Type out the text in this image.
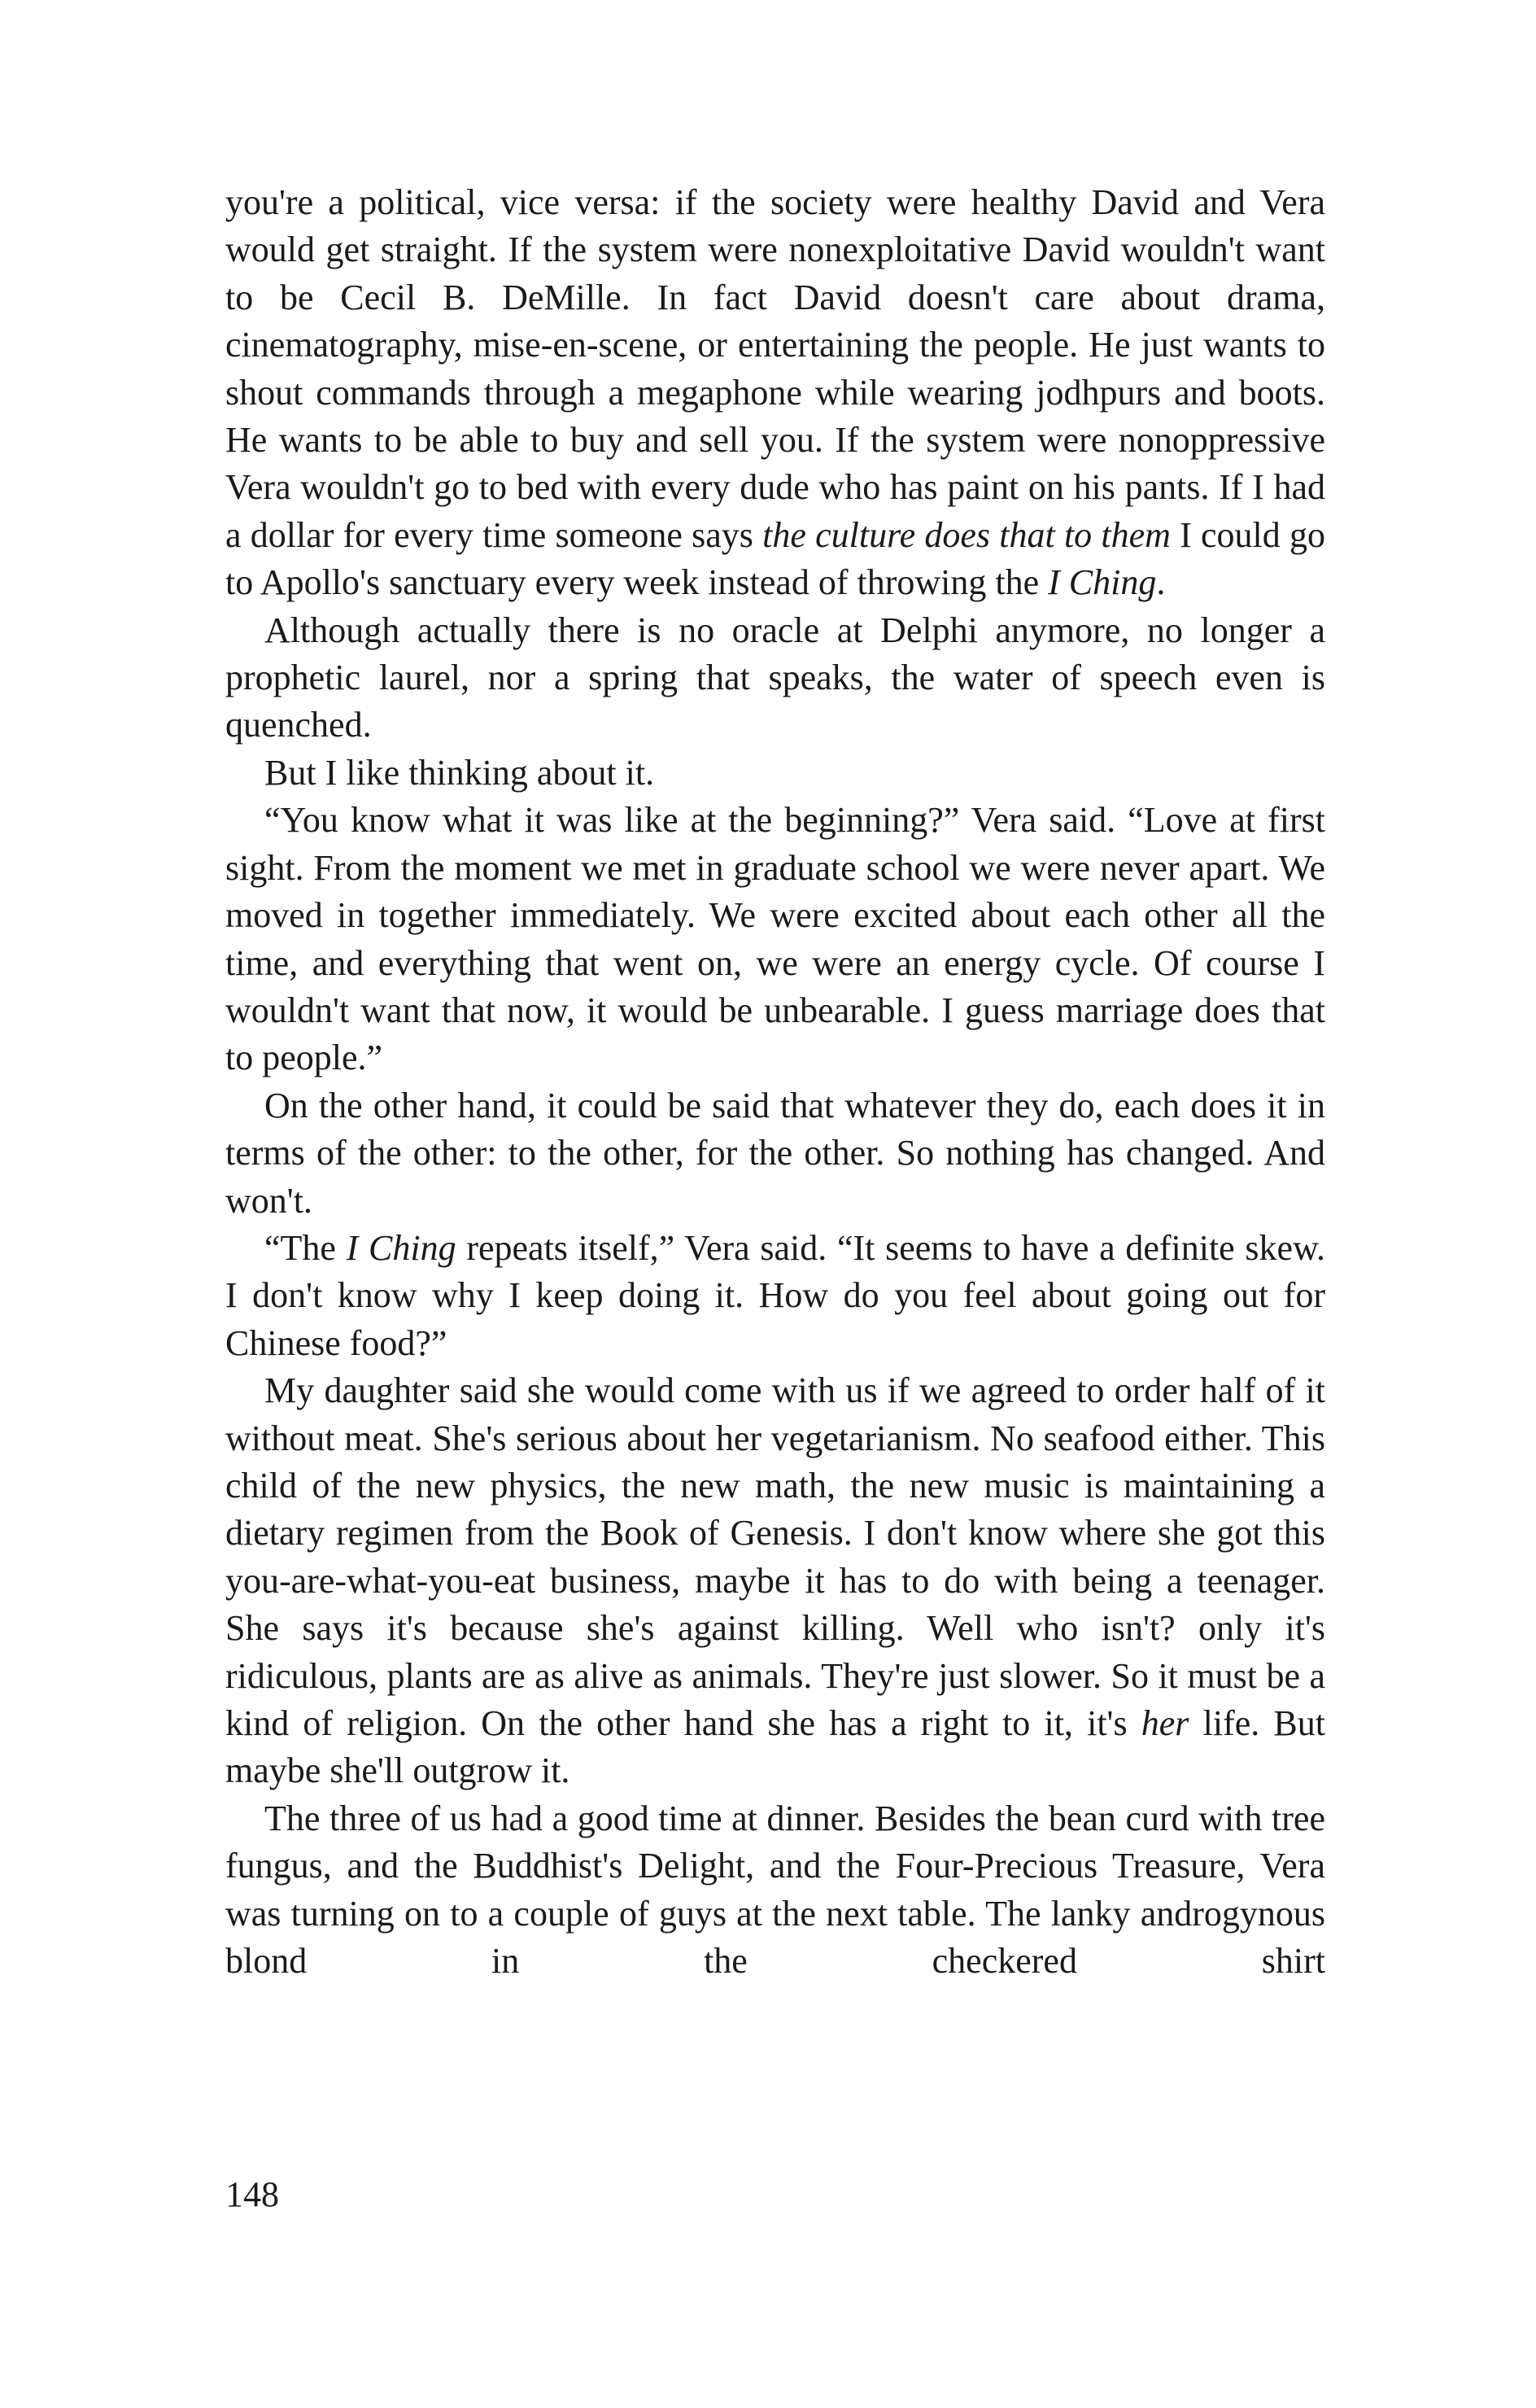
you're a political, vice versa: if the society were healthy David and Vera would get straight. If the system were nonexploitative David wouldn't want to be Cecil B. DeMille. In fact David doesn't care about drama, cinematography, mise-en-scene, or entertaining the people. He just wants to shout commands through a megaphone while wearing jodhpurs and boots. He wants to be able to buy and sell you. If the system were nonoppressive Vera wouldn't go to bed with every dude who has paint on his pants. If I had a dollar for every time someone says the culture does that to them I could go to Apollo's sanctuary every week instead of throwing the I Ching.

Although actually there is no oracle at Delphi anymore, no longer a prophetic laurel, nor a spring that speaks, the water of speech even is quenched.

But I like thinking about it.

“You know what it was like at the beginning?” Vera said. “Love at first sight. From the moment we met in graduate school we were never apart. We moved in together immediately. We were excited about each other all the time, and everything that went on, we were an energy cycle. Of course I wouldn't want that now, it would be unbearable. I guess marriage does that to people.”

On the other hand, it could be said that whatever they do, each does it in terms of the other: to the other, for the other. So nothing has changed. And won't.

“The I Ching repeats itself,” Vera said. “It seems to have a definite skew. I don't know why I keep doing it. How do you feel about going out for Chinese food?”

My daughter said she would come with us if we agreed to order half of it without meat. She's serious about her vegetarianism. No seafood either. This child of the new physics, the new math, the new music is maintaining a dietary regimen from the Book of Genesis. I don't know where she got this you-are-what-you-eat business, maybe it has to do with being a teenager. She says it's because she's against killing. Well who isn't? only it's ridiculous, plants are as alive as animals. They're just slower. So it must be a kind of religion. On the other hand she has a right to it, it's her life. But maybe she'll outgrow it.

The three of us had a good time at dinner. Besides the bean curd with tree fungus, and the Buddhist's Delight, and the Four-Precious Treasure, Vera was turning on to a couple of guys at the next table. The lanky androgynous blond in the checkered shirt

148
